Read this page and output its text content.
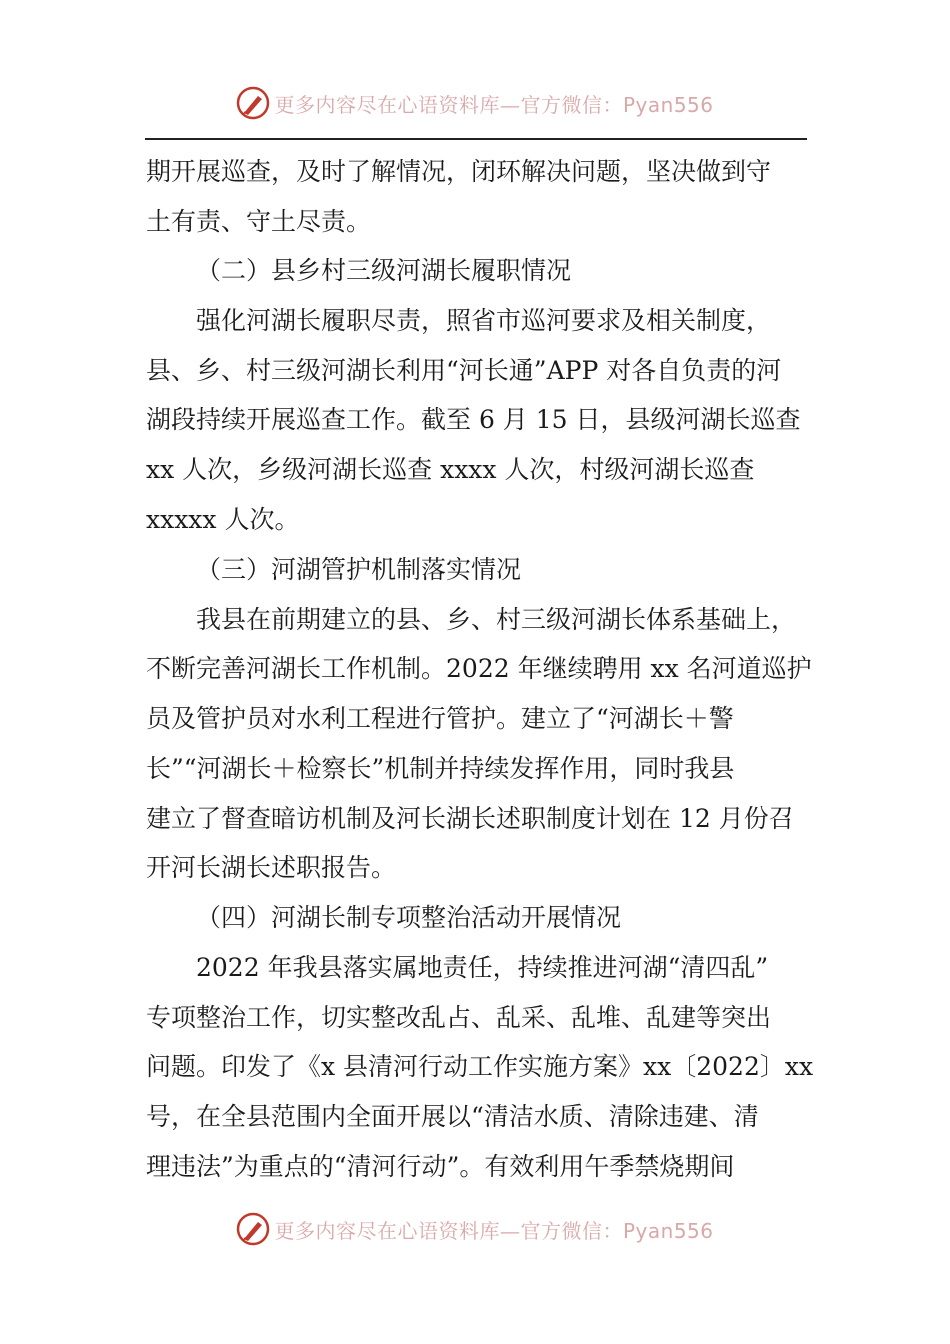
更多内容尽在心语资料库—官方微信：Pyan556
期开展巡查，及时了解情况，闭环解决问题，坚决做到守
土有责、守土尽责。
（二）县乡村三级河湖长履职情况
强化河湖长履职尽责，照省市巡河要求及相关制度，
县、乡、村三级河湖长利用“河长通”APP 对各自负责的河
湖段持续开展巡查工作。截至 6 月 15 日，县级河湖长巡查
xx 人次，乡级河湖长巡查 xxxx 人次，村级河湖长巡查
xxxxx 人次。
（三）河湖管护机制落实情况
我县在前期建立的县、乡、村三级河湖长体系基础上，
不断完善河湖长工作机制。2022 年继续聘用 xx 名河道巡护
员及管护员对水利工程进行管护。建立了“河湖长＋警
长”“河湖长＋检察长”机制并持续发挥作用，同时我县
建立了督查暗访机制及河长湖长述职制度计划在 12 月份召
开河长湖长述职报告。
（四）河湖长制专项整治活动开展情况
2022 年我县落实属地责任，持续推进河湖“清四乱”
专项整治工作，切实整改乱占、乱采、乱堆、乱建等突出
问题。印发了《x 县清河行动工作实施方案》xx〔2022〕xx
号，在全县范围内全面开展以“清洁水质、清除违建、清
理违法”为重点的“清河行动”。有效利用午季禁烧期间
更多内容尽在心语资料库—官方微信：Pyan556
